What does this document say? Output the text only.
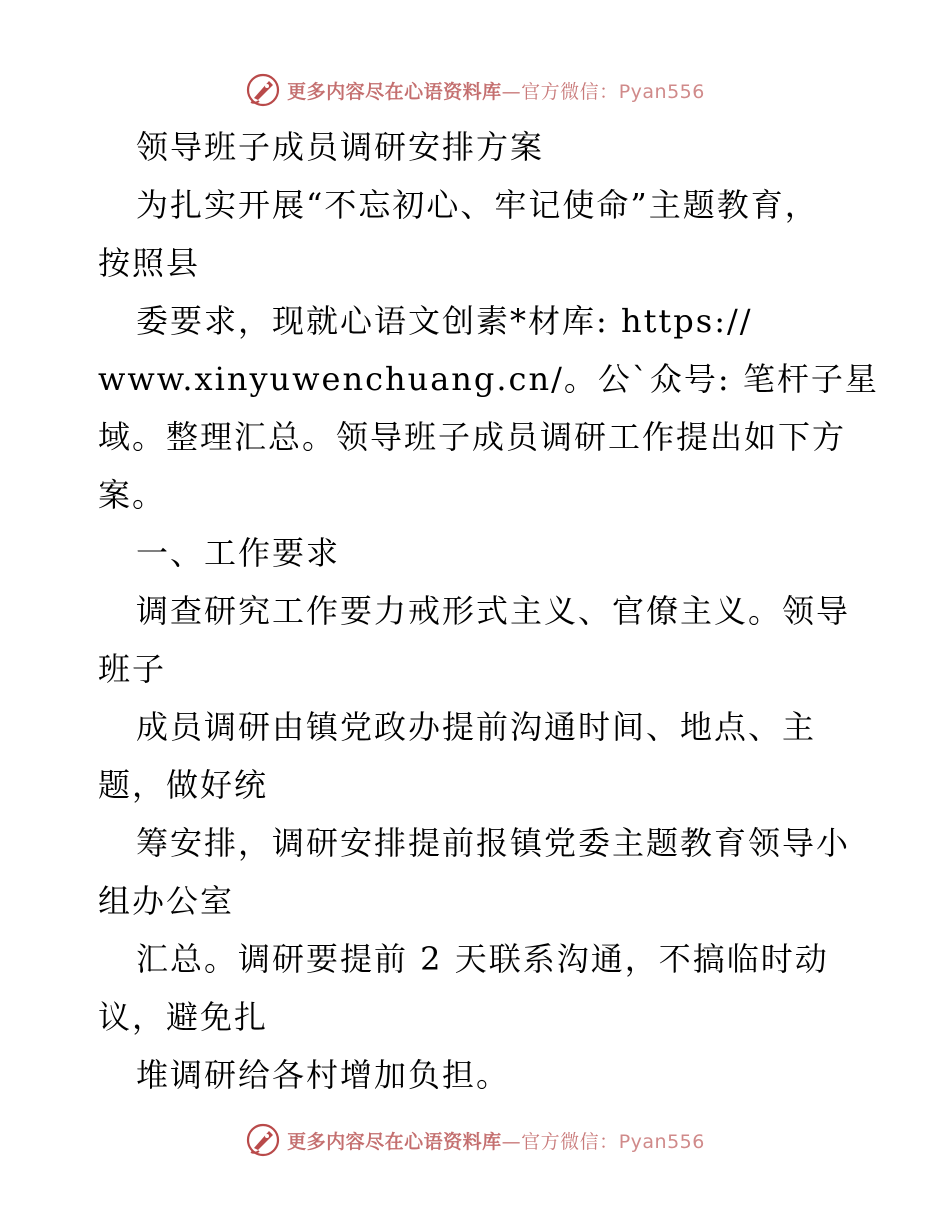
更多内容尽在心语资料库—官方微信：Pyan556
领导班子成员调研安排方案
为扎实开展“不忘初心、牢记使命”主题教育，
按照县
委要求，现就心语文创素*材库: https://
www.xinyuwenchuang.cn/。公`众号: 笔杆子星
域。整理汇总。领导班子成员调研工作提出如下方
案。
一、工作要求
调查研究工作要力戒形式主义、官僚主义。领导
班子
成员调研由镇党政办提前沟通时间、地点、主
题，做好统
筹安排，调研安排提前报镇党委主题教育领导小
组办公室
汇总。调研要提前 2 天联系沟通，不搞临时动
议，避免扎
堆调研给各村增加负担。
更多内容尽在心语资料库—官方微信：Pyan556
